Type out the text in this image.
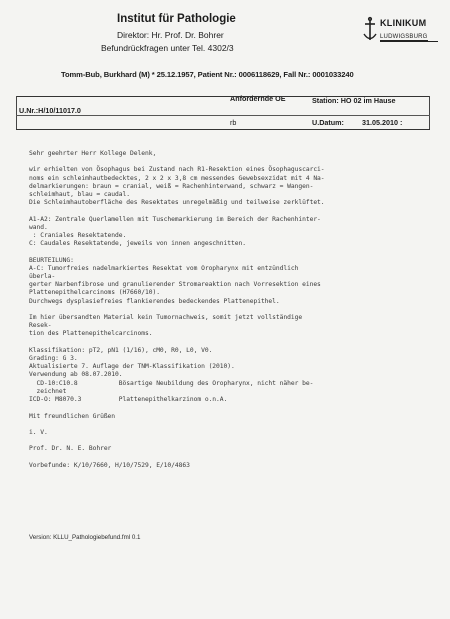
Institut für Pathologie
Direktor: Hr. Prof. Dr. Bohrer
Befundrückfragen unter Tel. 4302/3
KLINIKUM
LUDWIGSBURG
Tomm-Bub, Burkhard (M) * 25.12.1957, Patient Nr.: 0006118629, Fall Nr.: 0001033240
Anfordernde OE	Station: HO 02 im Hause
U.Nr.:H/10/11017.0
rb	U.Datum:	31.05.2010 :
Sehr geehrter Herr Kollege Delenk,

wir erhielten von Ösophagus bei Zustand nach R1-Resektion eines Ösophaguscarci-
noms ein schleimhautbedecktes, 2 x 2 x 3,8 cm messendes Gewebsexzidat mit 4 Na-
delmarkierungen: braun = cranial, weiß = Rachenhinterwand, schwarz = Wangen-
schleimhaut, blau = caudal.
Die Schleimhautoberfläche des Resektates unregelmäßig und teilweise zerklüftet.

A1-A2: Zentrale Querlamellen mit Tuschemarkierung im Bereich der Rachenhinter-
wand.
: Craniales Resektatende.
C: Caudales Resektatende, jeweils von innen angeschnitten.

BEURTEILUNG:
A-C: Tumorfreies nadelmarkiertes Resektat vom Oropharynx mit entzündlich
überla-
gerter Narbenfibrose und granulierender Stromareaktion nach Vorresektion eines
Plattenepithelcarcinoms (H7660/10).
Durchwegs dysplasiefreies flankierendes bedeckendes Plattenepithel.

Im hier übersandten Material kein Tumornachweis, somit jetzt vollständige
Resek-
tion des Plattenepithelcarcinoms.

Klassifikation: pT2, pN1 (1/16), cM0, R0, L0, V0.
Grading: G 3.
Aktualisierte 7. Auflage der TNM-Klassifikation (2010).
Verwendung ab 08.07.2010.
CD-10:C10.8           Bösartige Neubildung des Oropharynx, nicht näher be-
zeichnet
ICD-O: M8070.3          Plattenepithelkarzinom o.n.A.

Mit freundlichen Grüßen

i. V.

Prof. Dr. N. E. Bohrer

Vorbefunde: K/10/7660, H/10/7529, E/10/4863
Version: KLLU_Pathologiebefund.fml 0.1
